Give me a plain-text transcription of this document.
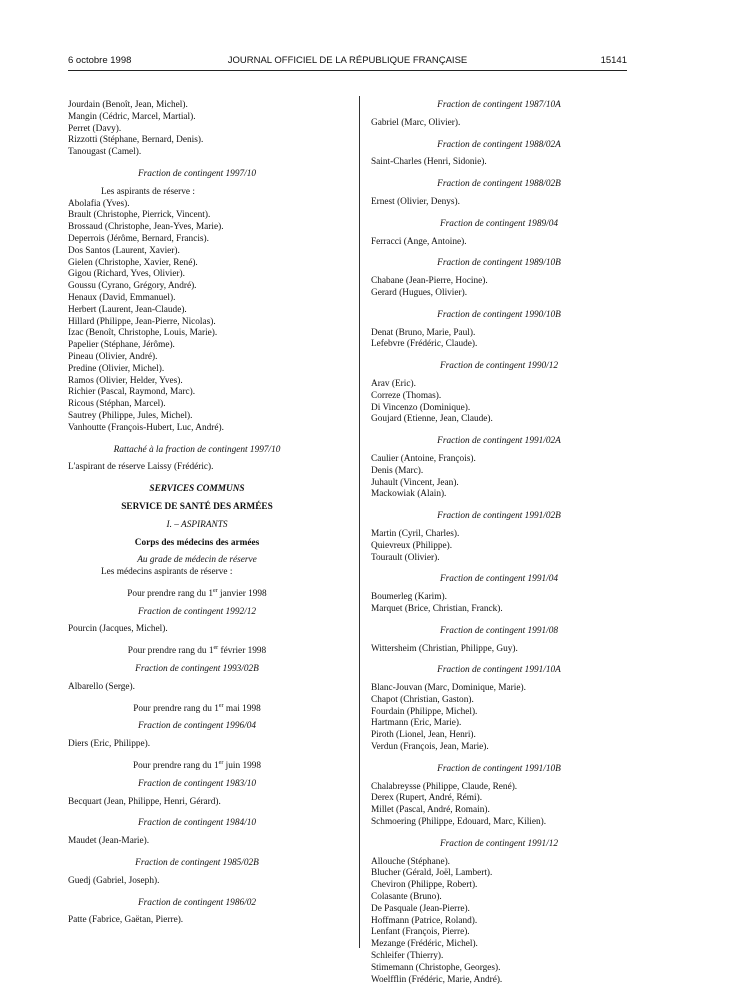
6 octobre 1998	JOURNAL OFFICIEL DE LA RÉPUBLIQUE FRANÇAISE	15141
Jourdain (Benoît, Jean, Michel).
Mangin (Cédric, Marcel, Martial).
Perret (Davy).
Rizzotti (Stéphane, Bernard, Denis).
Tanougast (Camel).
Fraction de contingent 1997/10
Les aspirants de réserve :
Abolafia (Yves).
Brault (Christophe, Pierrick, Vincent).
Brossaud (Christophe, Jean-Yves, Marie).
Deperrois (Jérôme, Bernard, Francis).
Dos Santos (Laurent, Xavier).
Gielen (Christophe, Xavier, René).
Gigou (Richard, Yves, Olivier).
Goussu (Cyrano, Grégory, André).
Henaux (David, Emmanuel).
Herbert (Laurent, Jean-Claude).
Hillard (Philippe, Jean-Pierre, Nicolas).
Izac (Benoît, Christophe, Louis, Marie).
Papelier (Stéphane, Jérôme).
Pineau (Olivier, André).
Predine (Olivier, Michel).
Ramos (Olivier, Helder, Yves).
Richier (Pascal, Raymond, Marc).
Ricous (Stéphan, Marcel).
Sautrey (Philippe, Jules, Michel).
Vanhoutte (François-Hubert, Luc, André).
Rattaché à la fraction de contingent 1997/10
L'aspirant de réserve Laissy (Frédéric).
SERVICES COMMUNS
SERVICE DE SANTÉ DES ARMÉES
I. – ASPIRANTS
Corps des médecins des armées
Au grade de médecin de réserve
Les médecins aspirants de réserve :
Pour prendre rang du 1er janvier 1998
Fraction de contingent 1992/12
Pourcin (Jacques, Michel).
Pour prendre rang du 1er février 1998
Fraction de contingent 1993/02B
Albarello (Serge).
Pour prendre rang du 1er mai 1998
Fraction de contingent 1996/04
Diers (Eric, Philippe).
Pour prendre rang du 1er juin 1998
Fraction de contingent 1983/10
Becquart (Jean, Philippe, Henri, Gérard).
Fraction de contingent 1984/10
Maudet (Jean-Marie).
Fraction de contingent 1985/02B
Guedj (Gabriel, Joseph).
Fraction de contingent 1986/02
Patte (Fabrice, Gaëtan, Pierre).
Fraction de contingent 1987/10A
Gabriel (Marc, Olivier).
Fraction de contingent 1988/02A
Saint-Charles (Henri, Sidonie).
Fraction de contingent 1988/02B
Ernest (Olivier, Denys).
Fraction de contingent 1989/04
Ferracci (Ange, Antoine).
Fraction de contingent 1989/10B
Chabane (Jean-Pierre, Hocine).
Gerard (Hugues, Olivier).
Fraction de contingent 1990/10B
Denat (Bruno, Marie, Paul).
Lefebvre (Frédéric, Claude).
Fraction de contingent 1990/12
Arav (Eric).
Correze (Thomas).
Di Vincenzo (Dominique).
Goujard (Etienne, Jean, Claude).
Fraction de contingent 1991/02A
Caulier (Antoine, François).
Denis (Marc).
Juhault (Vincent, Jean).
Mackowiak (Alain).
Fraction de contingent 1991/02B
Martin (Cyril, Charles).
Quievreux (Philippe).
Tourault (Olivier).
Fraction de contingent 1991/04
Boumerleg (Karim).
Marquet (Brice, Christian, Franck).
Fraction de contingent 1991/08
Wittersheim (Christian, Philippe, Guy).
Fraction de contingent 1991/10A
Blanc-Jouvan (Marc, Dominique, Marie).
Chapot (Christian, Gaston).
Fourdain (Philippe, Michel).
Hartmann (Eric, Marie).
Piroth (Lionel, Jean, Henri).
Verdun (François, Jean, Marie).
Fraction de contingent 1991/10B
Chalabreysse (Philippe, Claude, René).
Derex (Rupert, André, Rémi).
Millet (Pascal, André, Romain).
Schmoering (Philippe, Edouard, Marc, Kilien).
Fraction de contingent 1991/12
Allouche (Stéphane).
Blucher (Gérald, Joël, Lambert).
Cheviron (Philippe, Robert).
Colasante (Bruno).
De Pasquale (Jean-Pierre).
Hoffmann (Patrice, Roland).
Lenfant (François, Pierre).
Mezange (Frédéric, Michel).
Schleifer (Thierry).
Stimemann (Christophe, Georges).
Woelfflin (Frédéric, Marie, André).
